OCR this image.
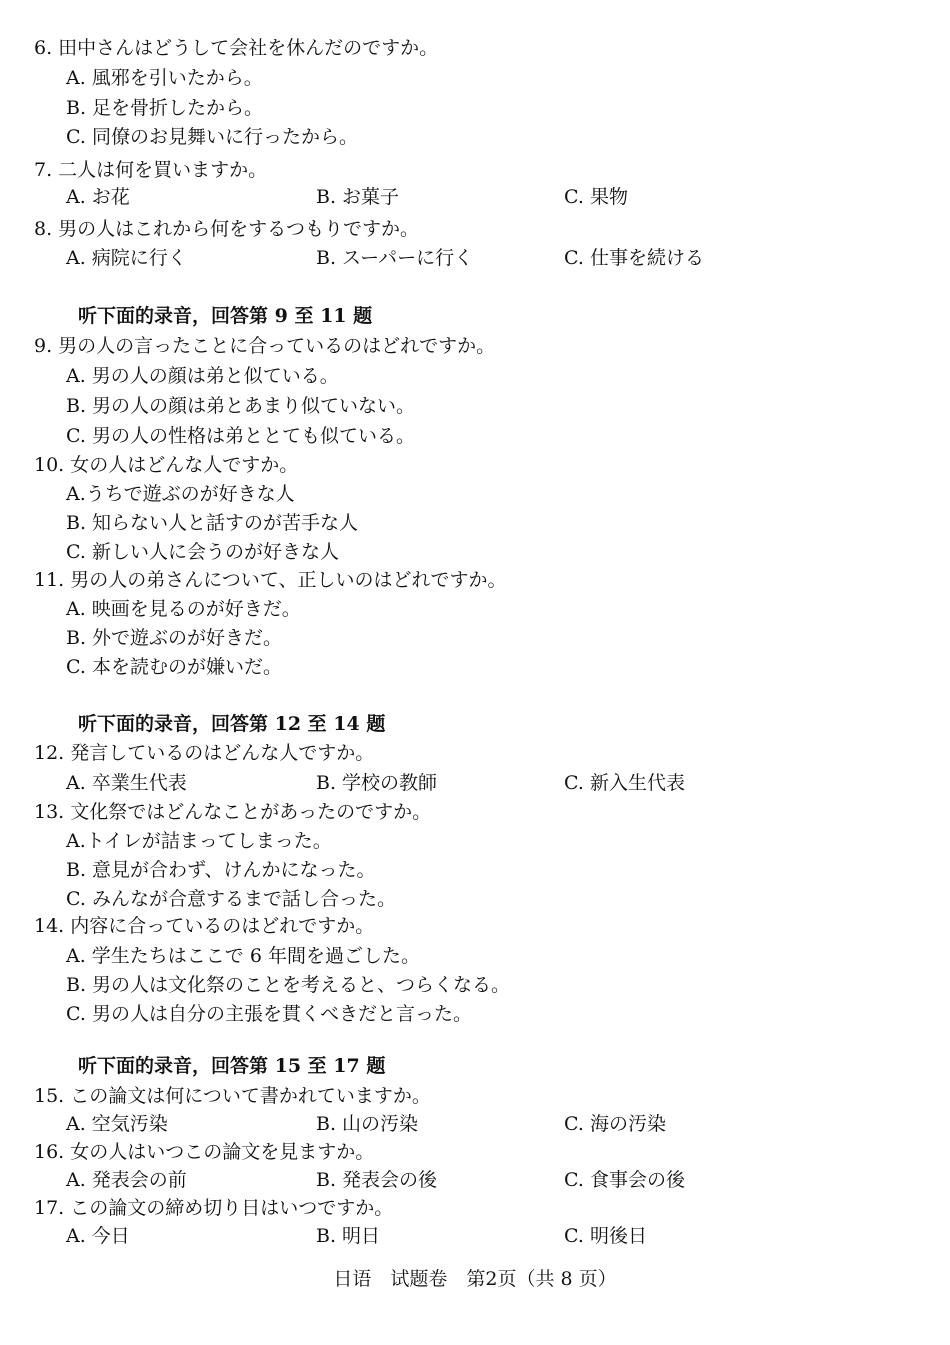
6. 田中さんはどうして会社を休んだのですか。
A. 風邪を引いたから。
B. 足を骨折したから。
C. 同僚のお見舞いに行ったから。
7. 二人は何を買いますか。
A. お花	B. お菓子	C. 果物
8. 男の人はこれから何をするつもりですか。
A. 病院に行く	B. スーパーに行く	C. 仕事を続ける
听下面的录音，回答第 9 至 11 题
9. 男の人の言ったことに合っているのはどれですか。
A. 男の人の顔は弟と似ている。
B. 男の人の顔は弟とあまり似ていない。
C. 男の人の性格は弟ととても似ている。
10. 女の人はどんな人ですか。
A.うちで遊ぶのが好きな人
B. 知らない人と話すのが苦手な人
C. 新しい人に会うのが好きな人
11. 男の人の弟さんについて、正しいのはどれですか。
A. 映画を見るのが好きだ。
B. 外で遊ぶのが好きだ。
C. 本を読むのが嫌いだ。
听下面的录音，回答第 12 至 14 题
12. 発言しているのはどんな人ですか。
A. 卒業生代表	B. 学校の教師	C. 新入生代表
13. 文化祭ではどんなことがあったのですか。
A.トイレが詰まってしまった。
B. 意見が合わず、けんかになった。
C. みんなが合意するまで話し合った。
14. 内容に合っているのはどれですか。
A. 学生たちはここで 6 年間を過ごした。
B. 男の人は文化祭のことを考えると、つらくなる。
C. 男の人は自分の主張を貫くべきだと言った。
听下面的录音，回答第 15 至 17 题
15. この論文は何について書かれていますか。
A. 空気汚染	B. 山の汚染	C. 海の汚染
16. 女の人はいつこの論文を見ますか。
A. 発表会の前	B. 発表会の後	C. 食事会の後
17. この論文の締め切り日はいつですか。
A. 今日	B. 明日	C. 明後日
日语　试题卷　第2页（共 8 页）
